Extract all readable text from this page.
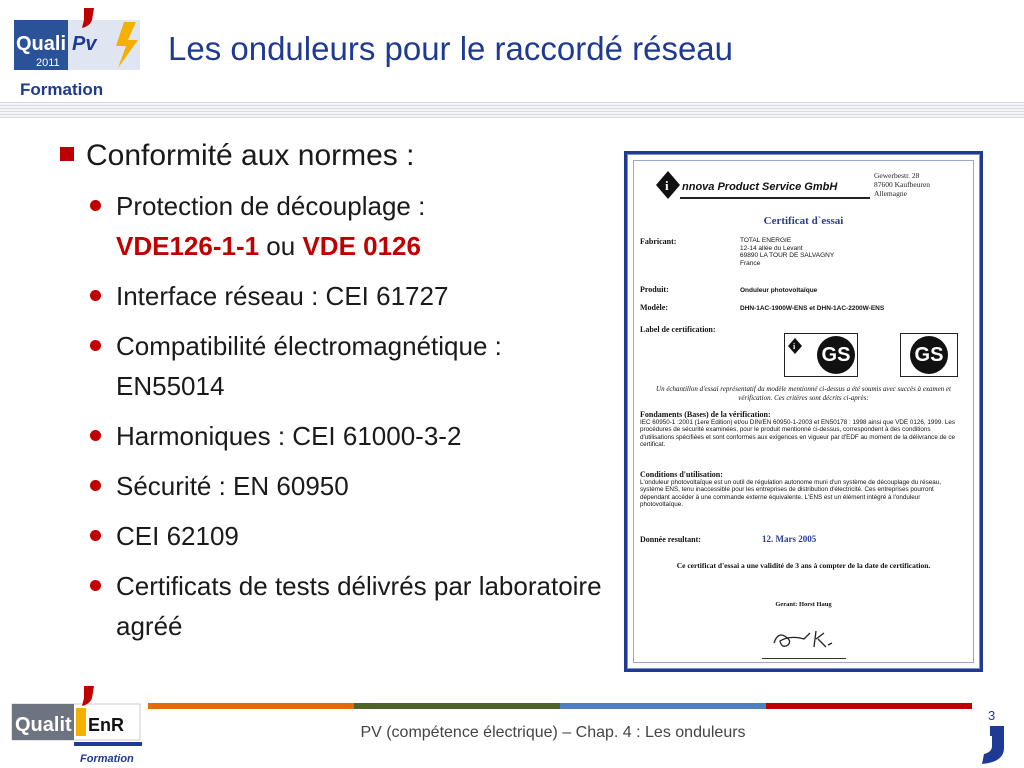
Quali Pv
2011
Formation
Les onduleurs pour le raccordé réseau
Conformité aux normes :
Protection de découplage :
VDE126-1-1 ou VDE 0126
Interface réseau : CEI 61727
Compatibilité électromagnétique : EN55014
Harmoniques : CEI 61000-3-2
Sécurité : EN 60950
CEI 62109
Certificats de tests délivrés par laboratoire agréé
i nnova Product Service GmbH
Gewerbestr. 28
87600 Kaufbeuren
Allemagne
Certificat d`essai
Fabricant:	TOTAL ENERGIE
12-14 allée du Levant
69890 LA TOUR DE SALVAGNY
France
Produit:	Onduleur photovoltaïque
Modèle:	DHN-1AC-1900W-ENS et DHN-1AC-2200W-ENS
Label de certification:
i GS	GS
Un échantillon d'essai représentatif du modèle mentionné ci-dessus a été soumis avec succès à examen et vérification. Ces critères sont décrits ci-après:
Fondaments (Bases) de la vérification:
IEC 60950-1 :2001 (1ere Edition) et/ou DIN/EN 60950-1-2003 et EN50178 : 1998 ainsi que VDE 0126, 1999. Les procédures de sécurité examinées, pour le produit mentionné ci-dessus, correspondent à des conditions d'utilisations spécifiées et sont conformes aux exigences en vigueur par d'EDF au moment de la délivrance de ce certificat.
Conditions d'utilisation:
L'onduleur photovoltaïque est un outil de régulation autonome muni d'un système de découplage du réseau, système ENS, tenu inaccessible pour les entreprises de distribution d'électricité. Ces entreprises pourront dépendant accéder à une commande externe équivalente. L'ENS est un élément intégré à l'onduleur photovoltaïque.
Donnée resultant:	12. Mars 2005
Ce certificat d'essai a une validité de 3 ans à compter de la date de certification.
Gerant: Horst Haug
Qualit EnR
Formation
PV (compétence électrique) – Chap. 4 : Les onduleurs
3
